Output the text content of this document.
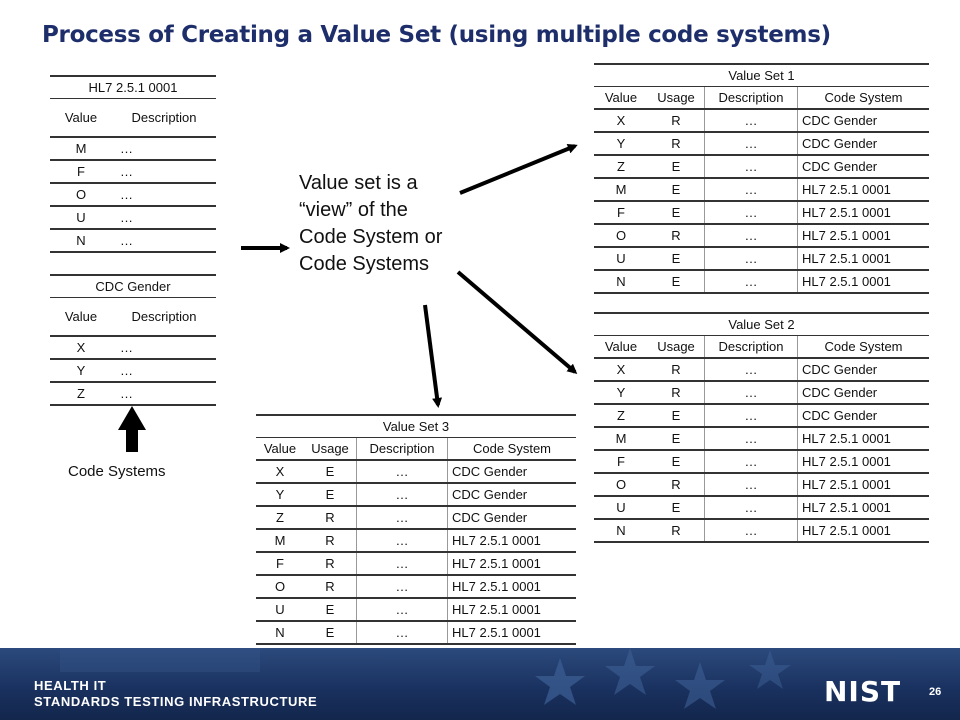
Process of Creating a Value Set (using multiple code systems)
HL7 2.5.1 0001	
Value	Description
M	…
F	…
O	…
U	…
N	…
CDC Gender	
Value	Description
X	…
Y	…
Z	…
Value Set 1			
Value	Usage	Description	Code System
X	R	…	CDC Gender
Y	R	…	CDC Gender
Z	E	…	CDC Gender
M	E	…	HL7 2.5.1 0001
F	E	…	HL7 2.5.1 0001
O	R	…	HL7 2.5.1 0001
U	E	…	HL7 2.5.1 0001
N	E	…	HL7 2.5.1 0001
Value Set 2			
Value	Usage	Description	Code System
X	R	…	CDC Gender
Y	R	…	CDC Gender
Z	E	…	CDC Gender
M	E	…	HL7 2.5.1 0001
F	E	…	HL7 2.5.1 0001
O	R	…	HL7 2.5.1 0001
U	E	…	HL7 2.5.1 0001
N	R	…	HL7 2.5.1 0001
Value Set 3			
Value	Usage	Description	Code System
X	E	…	CDC Gender
Y	E	…	CDC Gender
Z	R	…	CDC Gender
M	R	…	HL7 2.5.1 0001
F	R	…	HL7 2.5.1 0001
O	R	…	HL7 2.5.1 0001
U	E	…	HL7 2.5.1 0001
N	E	…	HL7 2.5.1 0001
Value set is a “view” of the Code System or Code Systems
Code Systems
HEALTH IT
STANDARDS TESTING INFRASTRUCTURE	NIST	26
